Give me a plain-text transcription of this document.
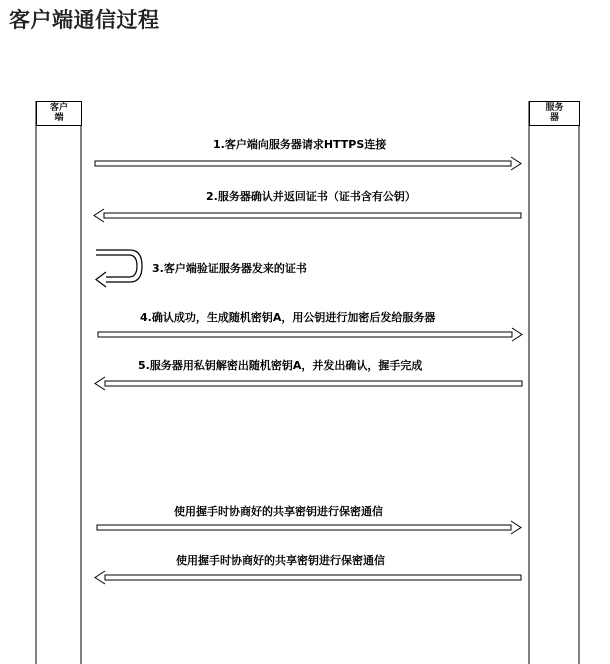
客户端通信过程
客户
端
服务
器
1.客户端向服务器请求HTTPS连接
2.服务器确认并返回证书（证书含有公钥）
3.客户端验证服务器发来的证书
4.确认成功，生成随机密钥A，用公钥进行加密后发给服务器
5.服务器用私钥解密出随机密钥A，并发出确认，握手完成
使用握手时协商好的共享密钥进行保密通信
使用握手时协商好的共享密钥进行保密通信
